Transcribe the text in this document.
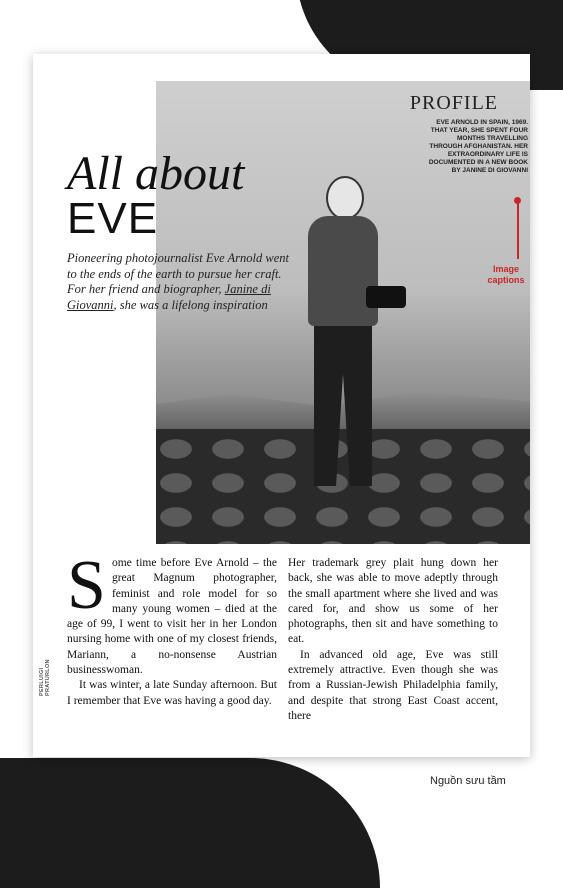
PROFILE
EVE ARNOLD IN SPAIN, 1969. THAT YEAR, SHE SPENT FOUR MONTHS TRAVELLING THROUGH AFGHANISTAN. HER EXTRAORDINARY LIFE IS DOCUMENTED IN A NEW BOOK BY JANINE DI GIOVANNI
Image captions
All about
EVE
Pioneering photojournalist Eve Arnold went to the ends of the earth to pursue her craft. For her friend and biographer, Janine di Giovanni, she was a lifelong inspiration
PERLUIGI PRATURLON

Some time before Eve Arnold – the great Magnum photographer, feminist and role model for so many young women – died at the age of 99, I went to visit her in her London nursing home with one of my closest friends, Mariann, a no-nonsense Austrian businesswoman.

It was winter, a late Sunday afternoon. But I remember that Eve was having a good day.

Her trademark grey plait hung down her back, she was able to move adeptly through the small apartment where she lived and was cared for, and show us some of her photographs, then sit and have something to eat.

In advanced old age, Eve was still extremely attractive. Even though she was from a Russian-Jewish Philadelphia family, and despite that strong East Coast accent, there

Nguồn sưu tầm
